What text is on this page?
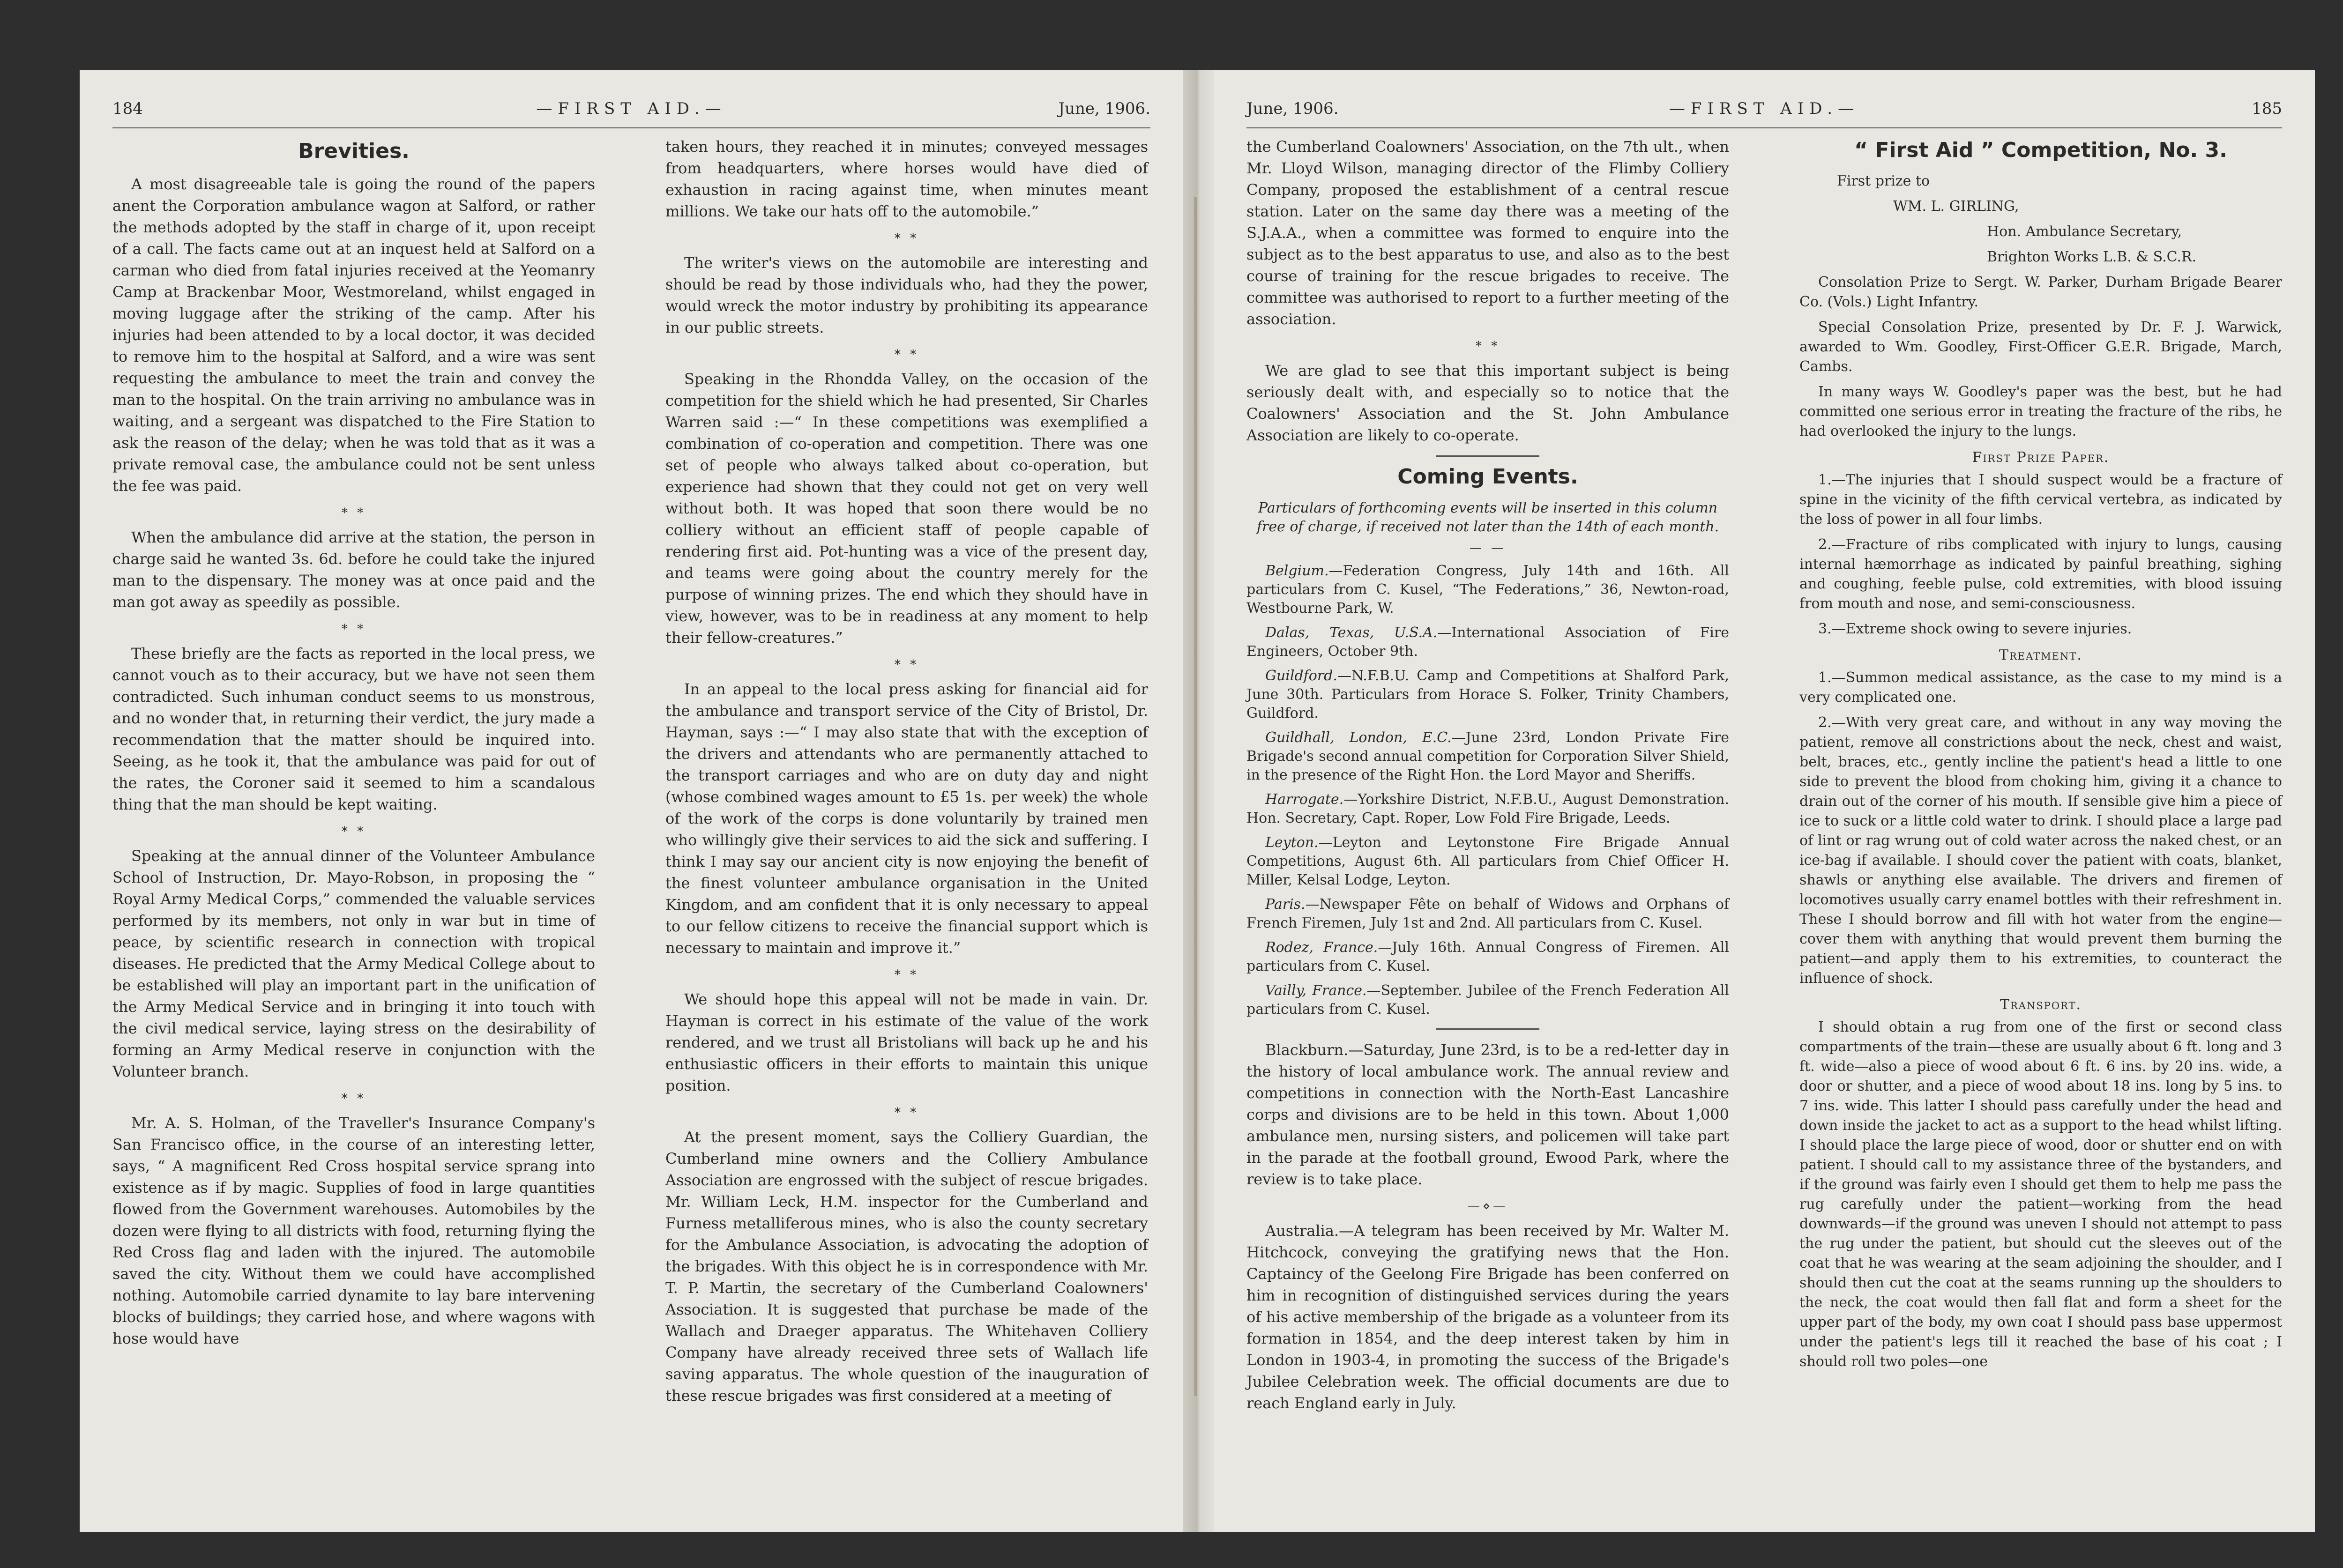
184	—FIRST AID.—	June, 1906.
Brevities.

A most disagreeable tale is going the round of the papers anent the Corporation ambulance wagon at Salford, or rather the methods adopted by the staff in charge of it, upon receipt of a call. The facts came out at an inquest held at Salford on a carman who died from fatal injuries received at the Yeomanry Camp at Brackenbar Moor, Westmoreland, whilst engaged in moving luggage after the striking of the camp. After his injuries had been attended to by a local doctor, it was decided to remove him to the hospital at Salford, and a wire was sent requesting the ambulance to meet the train and convey the man to the hospital. On the train arriving no ambulance was in waiting, and a sergeant was dispatched to the Fire Station to ask the reason of the delay; when he was told that as it was a private removal case, the ambulance could not be sent unless the fee was paid.

* *

When the ambulance did arrive at the station, the person in charge said he wanted 3s. 6d. before he could take the injured man to the dispensary. The money was at once paid and the man got away as speedily as possible.

* *

These briefly are the facts as reported in the local press, we cannot vouch as to their accuracy, but we have not seen them contradicted. Such inhuman conduct seems to us monstrous, and no wonder that, in returning their verdict, the jury made a recommendation that the matter should be inquired into. Seeing, as he took it, that the ambulance was paid for out of the rates, the Coroner said it seemed to him a scandalous thing that the man should be kept waiting.

* *

Speaking at the annual dinner of the Volunteer Ambulance School of Instruction, Dr. Mayo-Robson, in proposing the “ Royal Army Medical Corps,” commended the valuable services performed by its members, not only in war but in time of peace, by scientific research in connection with tropical diseases. He predicted that the Army Medical College about to be established will play an important part in the unification of the Army Medical Service and in bringing it into touch with the civil medical service, laying stress on the desirability of forming an Army Medical reserve in conjunction with the Volunteer branch.

* *

Mr. A. S. Holman, of the Traveller's Insurance Company's San Francisco office, in the course of an interesting letter, says, “ A magnificent Red Cross hospital service sprang into existence as if by magic. Supplies of food in large quantities flowed from the Government warehouses. Automobiles by the dozen were flying to all districts with food, returning flying the Red Cross flag and laden with the injured. The automobile saved the city. Without them we could have accomplished nothing. Automobile carried dynamite to lay bare intervening blocks of buildings; they carried hose, and where wagons with hose would have

taken hours, they reached it in minutes; conveyed messages from headquarters, where horses would have died of exhaustion in racing against time, when minutes meant millions. We take our hats off to the automobile.”

* *

The writer's views on the automobile are interesting and should be read by those individuals who, had they the power, would wreck the motor industry by prohibiting its appearance in our public streets.

* *

Speaking in the Rhondda Valley, on the occasion of the competition for the shield which he had presented, Sir Charles Warren said :—“ In these competitions was exemplified a combination of co-operation and competition. There was one set of people who always talked about co-operation, but experience had shown that they could not get on very well without both. It was hoped that soon there would be no colliery without an efficient staff of people capable of rendering first aid. Pot-hunting was a vice of the present day, and teams were going about the country merely for the purpose of winning prizes. The end which they should have in view, however, was to be in readiness at any moment to help their fellow-creatures.”

* *

In an appeal to the local press asking for financial aid for the ambulance and transport service of the City of Bristol, Dr. Hayman, says :—“ I may also state that with the exception of the drivers and attendants who are permanently attached to the transport carriages and who are on duty day and night (whose combined wages amount to £5 1s. per week) the whole of the work of the corps is done voluntarily by trained men who willingly give their services to aid the sick and suffering. I think I may say our ancient city is now enjoying the benefit of the finest volunteer ambulance organisation in the United Kingdom, and am confident that it is only necessary to appeal to our fellow citizens to receive the financial support which is necessary to maintain and improve it.”

* *

We should hope this appeal will not be made in vain. Dr. Hayman is correct in his estimate of the value of the work rendered, and we trust all Bristolians will back up he and his enthusiastic officers in their efforts to maintain this unique position.

* *

At the present moment, says the Colliery Guardian, the Cumberland mine owners and the Colliery Ambulance Association are engrossed with the subject of rescue brigades. Mr. William Leck, H.M. inspector for the Cumberland and Furness metalliferous mines, who is also the county secretary for the Ambulance Association, is advocating the adoption of the brigades. With this object he is in correspondence with Mr. T. P. Martin, the secretary of the Cumberland Coalowners' Association. It is suggested that purchase be made of the Wallach and Draeger apparatus. The Whitehaven Colliery Company have already received three sets of Wallach life saving apparatus. The whole question of the inauguration of these rescue brigades was first considered at a meeting of

June, 1906.	—FIRST AID.—	185

the Cumberland Coalowners' Association, on the 7th ult., when Mr. Lloyd Wilson, managing director of the Flimby Colliery Company, proposed the establishment of a central rescue station. Later on the same day there was a meeting of the S.J.A.A., when a committee was formed to enquire into the subject as to the best apparatus to use, and also as to the best course of training for the rescue brigades to receive. The committee was authorised to report to a further meeting of the association.

* *

We are glad to see that this important subject is being seriously dealt with, and especially so to notice that the Coalowners' Association and the St. John Ambulance Association are likely to co-operate.

Coming Events.
Particulars of forthcoming events will be inserted in this column free of charge, if received not later than the 14th of each month.
— —

Belgium.—Federation Congress, July 14th and 16th. All particulars from C. Kusel, “The Federations,” 36, Newton-road, Westbourne Park, W.

Dalas, Texas, U.S.A.—International Association of Fire Engineers, October 9th.

Guildford.—N.F.B.U. Camp and Competitions at Shalford Park, June 30th. Particulars from Horace S. Folker, Trinity Chambers, Guildford.

Guildhall, London, E.C.—June 23rd, London Private Fire Brigade's second annual competition for Corporation Silver Shield, in the presence of the Right Hon. the Lord Mayor and Sheriffs.

Harrogate.—Yorkshire District, N.F.B.U., August Demonstration. Hon. Secretary, Capt. Roper, Low Fold Fire Brigade, Leeds.

Leyton.—Leyton and Leytonstone Fire Brigade Annual Competitions, August 6th. All particulars from Chief Officer H. Miller, Kelsal Lodge, Leyton.

Paris.—Newspaper Fête on behalf of Widows and Orphans of French Firemen, July 1st and 2nd. All particulars from C. Kusel.

Rodez, France.—July 16th. Annual Congress of Firemen. All particulars from C. Kusel.

Vailly, France.—September. Jubilee of the French Federation All particulars from C. Kusel.

Blackburn.—Saturday, June 23rd, is to be a red-letter day in the history of local ambulance work. The annual review and competitions in connection with the North-East Lancashire corps and divisions are to be held in this town. About 1,000 ambulance men, nursing sisters, and policemen will take part in the parade at the football ground, Ewood Park, where the review is to take place.

—⋄—

Australia.—A telegram has been received by Mr. Walter M. Hitchcock, conveying the gratifying news that the Hon. Captaincy of the Geelong Fire Brigade has been conferred on him in recognition of distinguished services during the years of his active membership of the brigade as a volunteer from its formation in 1854, and the deep interest taken by him in London in 1903-4, in promoting the success of the Brigade's Jubilee Celebration week. The official documents are due to reach England early in July.

“ First Aid ” Competition, No. 3.

First prize to

WM. L. GIRLING,

Hon. Ambulance Secretary,

Brighton Works L.B. & S.C.R.

Consolation Prize to Sergt. W. Parker, Durham Brigade Bearer Co. (Vols.) Light Infantry.

Special Consolation Prize, presented by Dr. F. J. Warwick, awarded to Wm. Goodley, First-Officer G.E.R. Brigade, March, Cambs.

In many ways W. Goodley's paper was the best, but he had committed one serious error in treating the fracture of the ribs, he had overlooked the injury to the lungs.

First Prize Paper.

1.—The injuries that I should suspect would be a fracture of spine in the vicinity of the fifth cervical vertebra, as indicated by the loss of power in all four limbs.

2.—Fracture of ribs complicated with injury to lungs, causing internal hæmorrhage as indicated by painful breathing, sighing and coughing, feeble pulse, cold extremities, with blood issuing from mouth and nose, and semi-consciousness.

3.—Extreme shock owing to severe injuries.

Treatment.

1.—Summon medical assistance, as the case to my mind is a very complicated one.

2.—With very great care, and without in any way moving the patient, remove all constrictions about the neck, chest and waist, belt, braces, etc., gently incline the patient's head a little to one side to prevent the blood from choking him, giving it a chance to drain out of the corner of his mouth. If sensible give him a piece of ice to suck or a little cold water to drink. I should place a large pad of lint or rag wrung out of cold water across the naked chest, or an ice-bag if available. I should cover the patient with coats, blanket, shawls or anything else available. The drivers and firemen of locomotives usually carry enamel bottles with their refreshment in. These I should borrow and fill with hot water from the engine—cover them with anything that would prevent them burning the patient—and apply them to his extremities, to counteract the influence of shock.

Transport.

I should obtain a rug from one of the first or second class compartments of the train—these are usually about 6 ft. long and 3 ft. wide—also a piece of wood about 6 ft. 6 ins. by 20 ins. wide, a door or shutter, and a piece of wood about 18 ins. long by 5 ins. to 7 ins. wide. This latter I should pass carefully under the head and down inside the jacket to act as a support to the head whilst lifting. I should place the large piece of wood, door or shutter end on with patient. I should call to my assistance three of the bystanders, and if the ground was fairly even I should get them to help me pass the rug carefully under the patient—working from the head downwards—if the ground was uneven I should not attempt to pass the rug under the patient, but should cut the sleeves out of the coat that he was wearing at the seam adjoining the shoulder, and I should then cut the coat at the seams running up the shoulders to the neck, the coat would then fall flat and form a sheet for the upper part of the body, my own coat I should pass base uppermost under the patient's legs till it reached the base of his coat ; I should roll two poles—one
